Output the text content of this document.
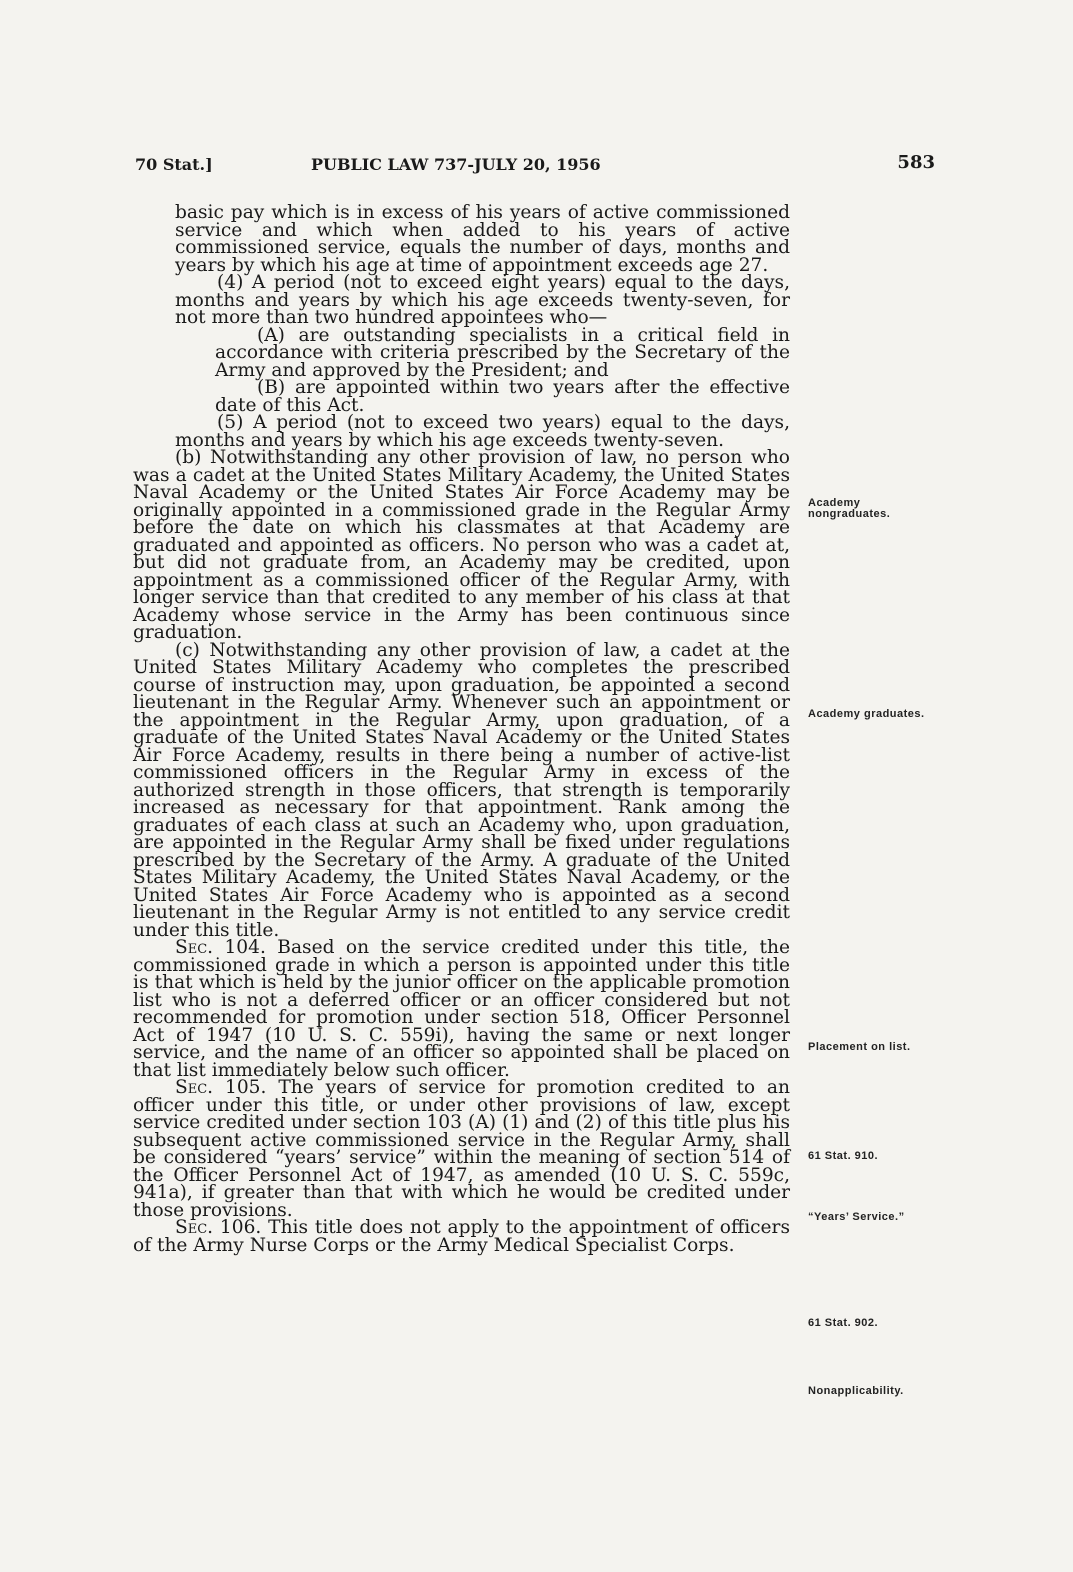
70 Stat.]	PUBLIC LAW 737-JULY 20, 1956	583

basic pay which is in excess of his years of active commissioned service and which when added to his years of active commissioned service, equals the number of days, months and years by which his age at time of appointment exceeds age 27.

(4) A period (not to exceed eight years) equal to the days, months and years by which his age exceeds twenty-seven, for not more than two hundred appointees who—

(A) are outstanding specialists in a critical field in accordance with criteria prescribed by the Secretary of the Army and approved by the President; and

(B) are appointed within two years after the effective date of this Act.

(5) A period (not to exceed two years) equal to the days, months and years by which his age exceeds twenty-seven.

(b) Notwithstanding any other provision of law, no person who was a cadet at the United States Military Academy, the United States Naval Academy or the United States Air Force Academy may be originally appointed in a commissioned grade in the Regular Army before the date on which his classmates at that Academy are graduated and appointed as officers. No person who was a cadet at, but did not graduate from, an Academy may be credited, upon appointment as a commissioned officer of the Regular Army, with longer service than that credited to any member of his class at that Academy whose service in the Army has been continuous since graduation.

(c) Notwithstanding any other provision of law, a cadet at the United States Military Academy who completes the prescribed course of instruction may, upon graduation, be appointed a second lieutenant in the Regular Army. Whenever such an appointment or the appointment in the Regular Army, upon graduation, of a graduate of the United States Naval Academy or the United States Air Force Academy, results in there being a number of active-list commissioned officers in the Regular Army in excess of the authorized strength in those officers, that strength is temporarily increased as necessary for that appointment. Rank among the graduates of each class at such an Academy who, upon graduation, are appointed in the Regular Army shall be fixed under regulations prescribed by the Secretary of the Army. A graduate of the United States Military Academy, the United States Naval Academy, or the United States Air Force Academy who is appointed as a second lieutenant in the Regular Army is not entitled to any service credit under this title.

Sec. 104. Based on the service credited under this title, the commissioned grade in which a person is appointed under this title is that which is held by the junior officer on the applicable promotion list who is not a deferred officer or an officer considered but not recommended for promotion under section 518, Officer Personnel Act of 1947 (10 U. S. C. 559i), having the same or next longer service, and the name of an officer so appointed shall be placed on that list immediately below such officer.

Sec. 105. The years of service for promotion credited to an officer under this title, or under other provisions of law, except service credited under section 103 (A) (1) and (2) of this title plus his subsequent active commissioned service in the Regular Army, shall be considered “years’ service” within the meaning of section 514 of the Officer Personnel Act of 1947, as amended (10 U. S. C. 559c, 941a), if greater than that with which he would be credited under those provisions.

Sec. 106. This title does not apply to the appointment of officers of the Army Nurse Corps or the Army Medical Specialist Corps.

Academy nongraduates.
Academy graduates.
Placement on list.
61 Stat. 910.
“Years’ Service.”
61 Stat. 902.
Nonapplicability.
